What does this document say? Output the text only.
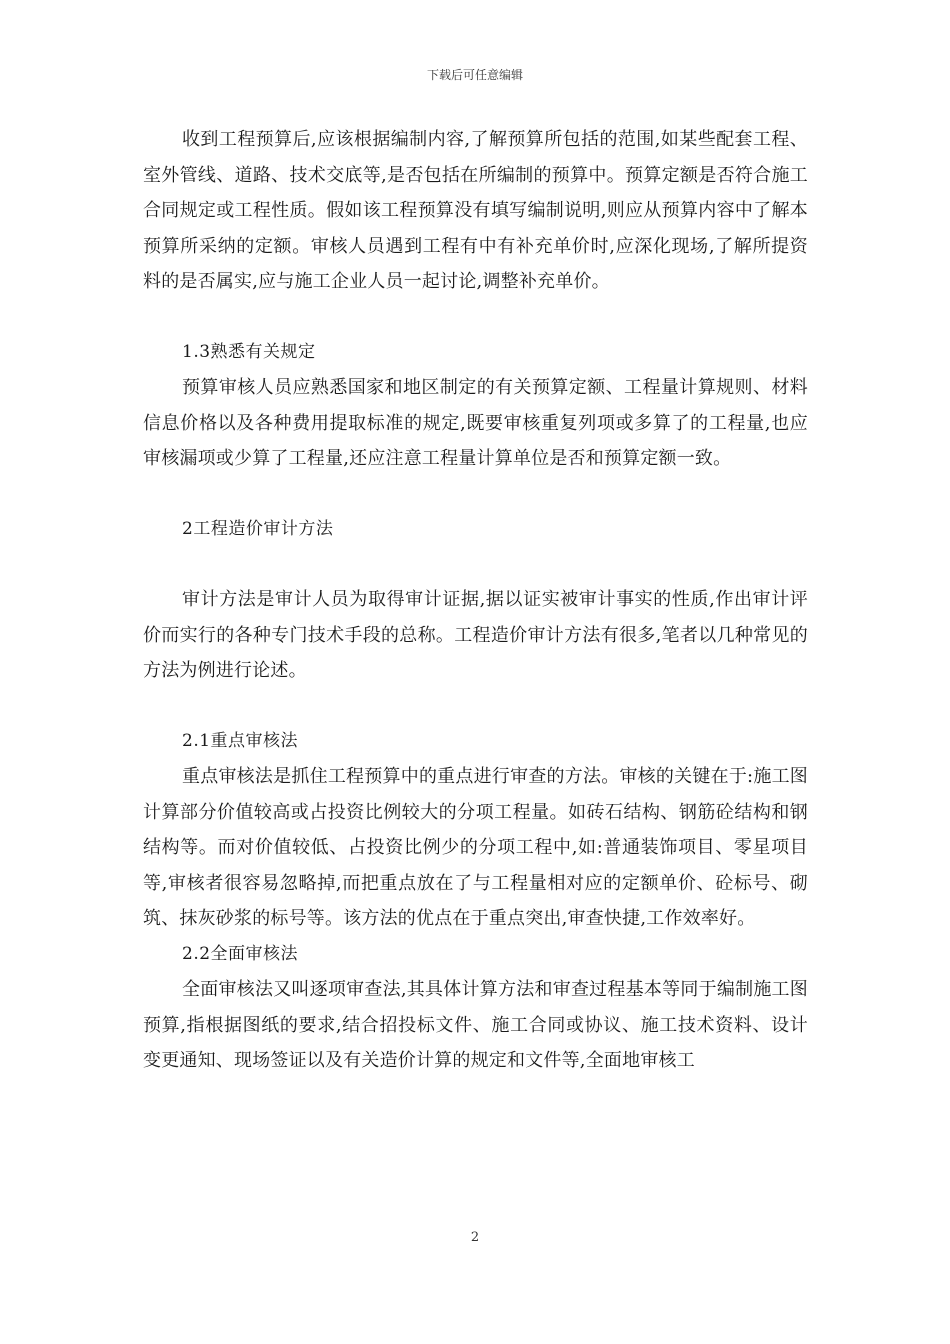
下载后可任意编辑

收到工程预算后,应该根据编制内容,了解预算所包括的范围,如某些配套工程、室外管线、道路、技术交底等,是否包括在所编制的预算中。预算定额是否符合施工合同规定或工程性质。假如该工程预算没有填写编制说明,则应从预算内容中了解本预算所采纳的定额。审核人员遇到工程有中有补充单价时,应深化现场,了解所提资料的是否属实,应与施工企业人员一起讨论,调整补充单价。

1.3熟悉有关规定

预算审核人员应熟悉国家和地区制定的有关预算定额、工程量计算规则、材料信息价格以及各种费用提取标准的规定,既要审核重复列项或多算了的工程量,也应审核漏项或少算了工程量,还应注意工程量计算单位是否和预算定额一致。

2工程造价审计方法

审计方法是审计人员为取得审计证据,据以证实被审计事实的性质,作出审计评价而实行的各种专门技术手段的总称。工程造价审计方法有很多,笔者以几种常见的方法为例进行论述。

2.1重点审核法

重点审核法是抓住工程预算中的重点进行审查的方法。审核的关键在于:施工图计算部分价值较高或占投资比例较大的分项工程量。如砖石结构、钢筋砼结构和钢结构等。而对价值较低、占投资比例少的分项工程中,如:普通装饰项目、零星项目等,审核者很容易忽略掉,而把重点放在了与工程量相对应的定额单价、砼标号、砌筑、抹灰砂浆的标号等。该方法的优点在于重点突出,审查快捷,工作效率好。

2.2全面审核法

全面审核法又叫逐项审查法,其具体计算方法和审查过程基本等同于编制施工图预算,指根据图纸的要求,结合招投标文件、施工合同或协议、施工技术资料、设计变更通知、现场签证以及有关造价计算的规定和文件等,全面地审核工

2
